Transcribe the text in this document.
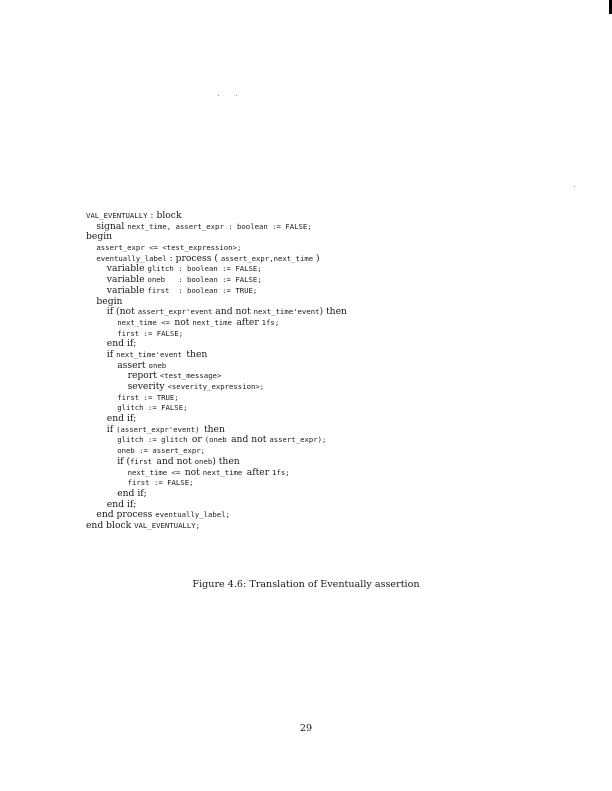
VAL_EVENTUALLY : block
signal next_time, assert_expr : boolean := FALSE;
begin
assert_expr <= <test_expression>;
eventually_label : process ( assert_expr,next_time )
variable glitch : boolean := FALSE;
variable oneb   : boolean := FALSE;
variable first  : boolean := TRUE;
begin
if (not assert_expr'event and not next_time'event) then
next_time <= not next_time after 1fs;
first := FALSE;
end if;
if next_time'event then
assert oneb
report <test_message>
severity <severity_expression>;
first := TRUE;
glitch := FALSE;
end if;
if (assert_expr'event) then
glitch := glitch or (oneb and not assert_expr);
oneb := assert_expr;
if (first and not oneb) then
next_time <= not next_time after 1fs;
first := FALSE;
end if;
end if;
end process eventually_label;
end block VAL_EVENTUALLY;
Figure 4.6: Translation of Eventually assertion
29
